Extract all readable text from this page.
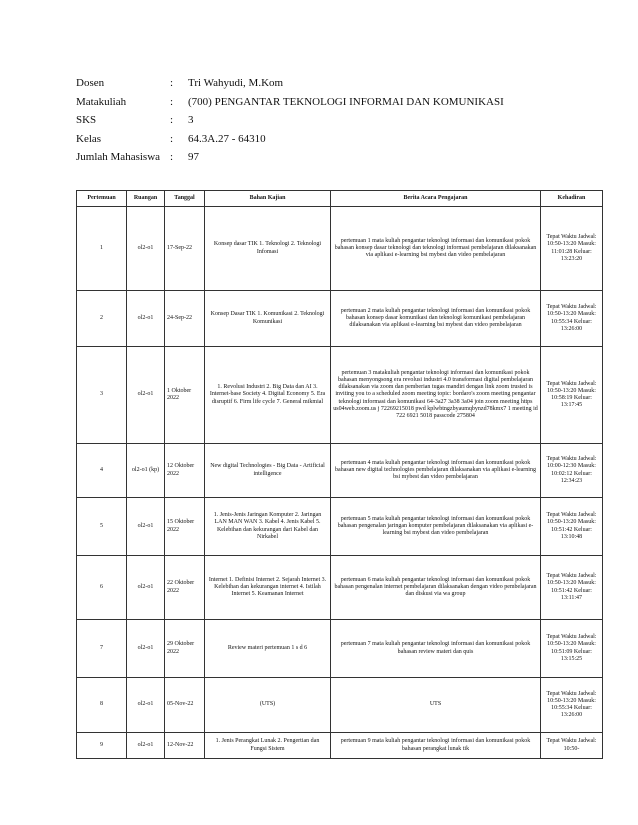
Dosen	:	Tri Wahyudi, M.Kom
Matakuliah	:	(700) PENGANTAR TEKNOLOGI INFORMAI DAN KOMUNIKASI
SKS	:	3
Kelas	:	64.3A.27 - 64310
Jumlah Mahasiswa :	97
Pertemuan	Ruangan	Tanggal	Bahan Kajian	Berita Acara Pengajaran	Kehadiran
1	ol2-o1	17-Sep-22	Konsep dasar TIK 1. Teknologi 2. Teknologi Infomasi	pertemuan 1 mata kuliah pengantar teknologi informasi dan komunikasi pokok bahasan konsep dasar teknologi dan teknologi informasi pembelajaran dilaksanakan via aplikasi e-learning bsi mybest dan video pembelajaran	Tepat Waktu Jadwal: 10:50-13:20 Masuk: 11:01:28 Keluar: 13:23:20
2	ol2-o1	24-Sep-22	Konsep Dasar TIK 1. Komunikasi 2. Teknologi Komunikasi	pertemuan 2 mata kuliah pengantar teknologi informasi dan komunikasi pokok bahasan konsep dasar komunikasi dan teknologi komunikasi pembelajaran dilaksanakan via aplikasi e-learning bsi mybest dan video pembelajaran	Tepat Waktu Jadwal: 10:50-13:20 Masuk: 10:55:34 Keluar: 13:26:00
3	ol2-o1	1 Oktober 2022	1. Revolusi Industri 2. Big Data dan AI 3. Internet-base Society 4. Digital Economy 5. Era disruptif 6. Firm life cycle 7. General mikmial	pertemuan 3 matakuliah pengantar teknologi informasi dan komunikasi pokok bahasan menyongsong era revolusi industri 4.0 transformasi digital pembelajaran dilaksanakan via zoom dan pemberian tugas mandiri dengan link zoom trusted is inviting you to a scheduled zoom meeting topic: bordaro's zoom meeting pengantar teknologi informasi dan komunikasi 64-3a27 3a38 3a04 join zoom meeting https us04web.zoom.us j 72269215018 pwd kplwbtngzbyaumqbynzd78kmx7 1 meeting id 722 6921 5018 passcode 275804	Tepat Waktu Jadwal: 10:50-13:20 Masuk: 10:58:19 Keluar: 13:17:45
4	ol2-o1 (kp)	12 Oktober 2022	New digital Technologies - Big Data - Artificial intelligence	pertemuan 4 mata kuliah pengantar teknologi informasi dan komunikasi pokok bahasan new digital technologies pembelajaran dilaksanakan via aplikasi e-learning bsi mybest dan video pembelajaran	Tepat Waktu Jadwal: 10:00-12:30 Masuk: 10:02:12 Keluar: 12:34:23
5	ol2-o1	15 Oktober 2022	1. Jenis-Jenis Jaringan Komputer 2. Jaringan LAN MAN WAN 3. Kabel 4. Jenis Kabel 5. Kelebihan dan kekurangan dari Kabel dan Nirkabel	pertemuan 5 mata kuliah pengantar teknologi informasi dan komunikasi pokok bahasan pengenalan jaringan komputer pembelajaran dilaksanakan via aplikasi e-learning bsi mybest dan video pembelajaran	Tepat Waktu Jadwal: 10:50-13:20 Masuk: 10:51:42 Keluar: 13:10:48
6	ol2-o1	22 Oktober 2022	Internet 1. Definisi Internet 2. Sejarah Internet 3. Kelebihan dan kekurangan internet 4. Istilah Internet 5. Keamanan Internet	pertemuan 6 mata kuliah pengantar teknologi informasi dan komunikasi pokok bahasan pengenalan internet pembelajaran dilaksanakan dengan video pembelajaran dan diskusi via wa group	Tepat Waktu Jadwal: 10:50-13:20 Masuk: 10:51:42 Keluar: 13:11:47
7	ol2-o1	29 Oktober 2022	Review materi pertemuan 1 s d 6	pertemuan 7 mata kuliah pengantar teknologi informasi dan komunikasi pokok bahasan review materi dan quis	Tepat Waktu Jadwal: 10:50-13:20 Masuk: 10:51:09 Keluar: 13:15:25
8	ol2-o1	05-Nov-22	(UTS)	UTS	Tepat Waktu Jadwal: 10:50-13:20 Masuk: 10:55:34 Keluar: 13:26:00
9	ol2-o1	12-Nov-22	1. Jenis Perangkat Lunak 2. Pengertian dan Fungsi Sistem	pertemuan 9 mata kuliah pengantar teknologi informasi dan komunikasi pokok bahasan perangkat lunak tik	Tepat Waktu Jadwal: 10:50-
